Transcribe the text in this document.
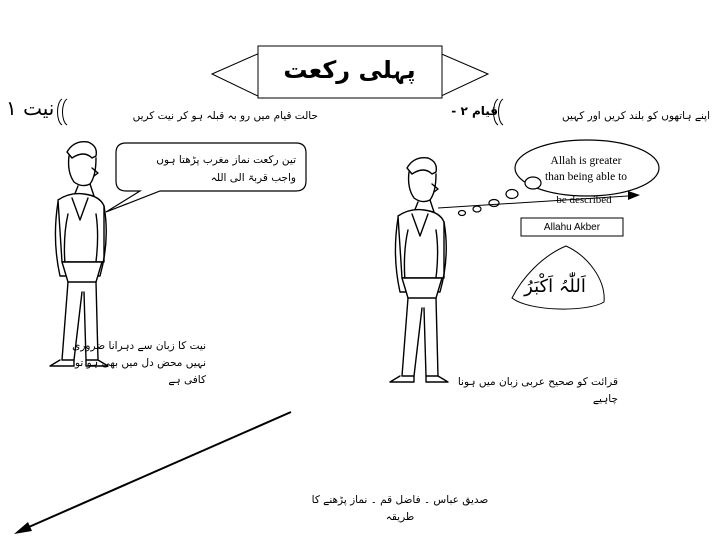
پہلی رکعت
اپنے ہاتھوں کو بلند کریں اور کہیں
قیام ۲ -
حالت قیام میں رو بہ قبلہ ہو کر نیت کریں
نیت ۱
تین رکعت نماز مغرب پڑھتا ہوں
واجب قربۃ الی اللہ
Allah is greater
than being able to
be described
Allahu Akber
اَللّٰہُ اَکْبَرُ
نیت کا زبان سے دہرانا ضروری
نہیں محض دل میں بھی ہو تو
کافی ہے	قرائت کو صحیح عربی زبان میں ہونا
چاہیے
صدیق عباس ۔ فاضل قم ۔ نماز پڑھنے کا
طریقہ
